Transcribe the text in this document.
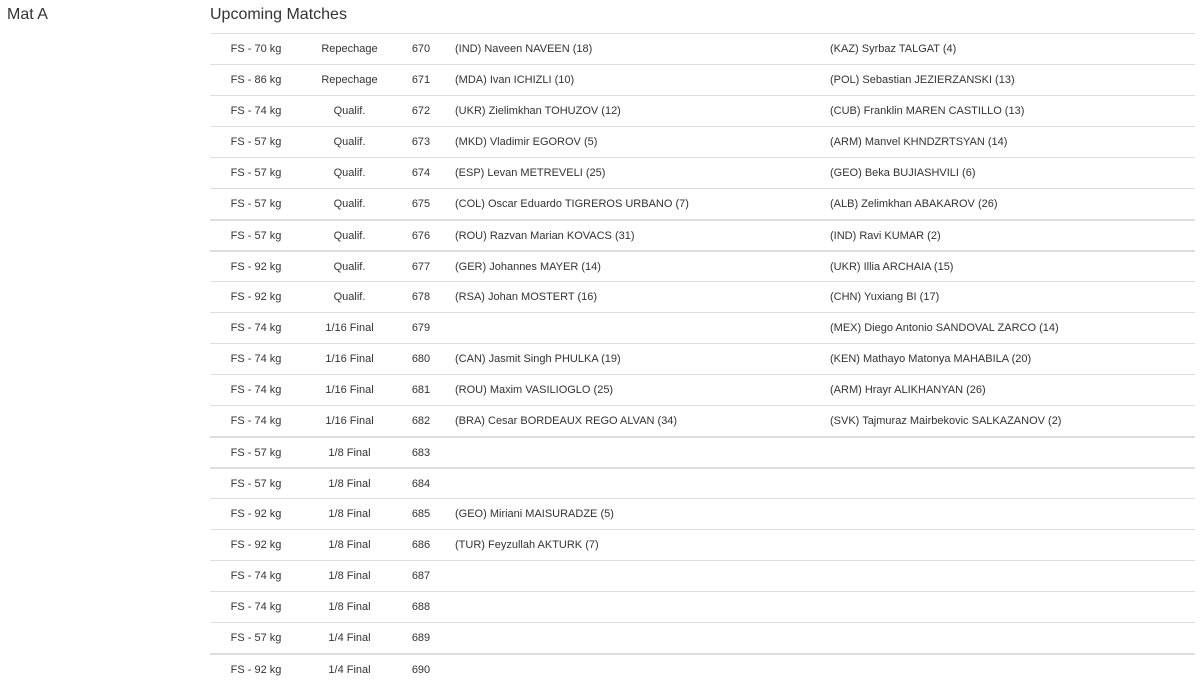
Mat A	Upcoming Matches
FS - 70 kg	Repechage	670	(IND) Naveen NAVEEN (18)	(KAZ) Syrbaz TALGAT (4)
FS - 86 kg	Repechage	671	(MDA) Ivan ICHIZLI (10)	(POL) Sebastian JEZIERZANSKI (13)
FS - 74 kg	Qualif.	672	(UKR) Zielimkhan TOHUZOV (12)	(CUB) Franklin MAREN CASTILLO (13)
FS - 57 kg	Qualif.	673	(MKD) Vladimir EGOROV (5)	(ARM) Manvel KHNDZRTSYAN (14)
FS - 57 kg	Qualif.	674	(ESP) Levan METREVELI (25)	(GEO) Beka BUJIASHVILI (6)
FS - 57 kg	Qualif.	675	(COL) Oscar Eduardo TIGREROS URBANO (7)	(ALB) Zelimkhan ABAKAROV (26)
FS - 57 kg	Qualif.	676	(ROU) Razvan Marian KOVACS (31)	(IND) Ravi KUMAR (2)
FS - 92 kg	Qualif.	677	(GER) Johannes MAYER (14)	(UKR) Illia ARCHAIA (15)
FS - 92 kg	Qualif.	678	(RSA) Johan MOSTERT (16)	(CHN) Yuxiang BI (17)
FS - 74 kg	1/16 Final	679		(MEX) Diego Antonio SANDOVAL ZARCO (14)
FS - 74 kg	1/16 Final	680	(CAN) Jasmit Singh PHULKA (19)	(KEN) Mathayo Matonya MAHABILA (20)
FS - 74 kg	1/16 Final	681	(ROU) Maxim VASILIOGLO (25)	(ARM) Hrayr ALIKHANYAN (26)
FS - 74 kg	1/16 Final	682	(BRA) Cesar BORDEAUX REGO ALVAN (34)	(SVK) Tajmuraz Mairbekovic SALKAZANOV (2)
FS - 57 kg	1/8 Final	683		
FS - 57 kg	1/8 Final	684		
FS - 92 kg	1/8 Final	685	(GEO) Miriani MAISURADZE (5)	
FS - 92 kg	1/8 Final	686	(TUR) Feyzullah AKTURK (7)	
FS - 74 kg	1/8 Final	687		
FS - 74 kg	1/8 Final	688		
FS - 57 kg	1/4 Final	689		
FS - 92 kg	1/4 Final	690		
